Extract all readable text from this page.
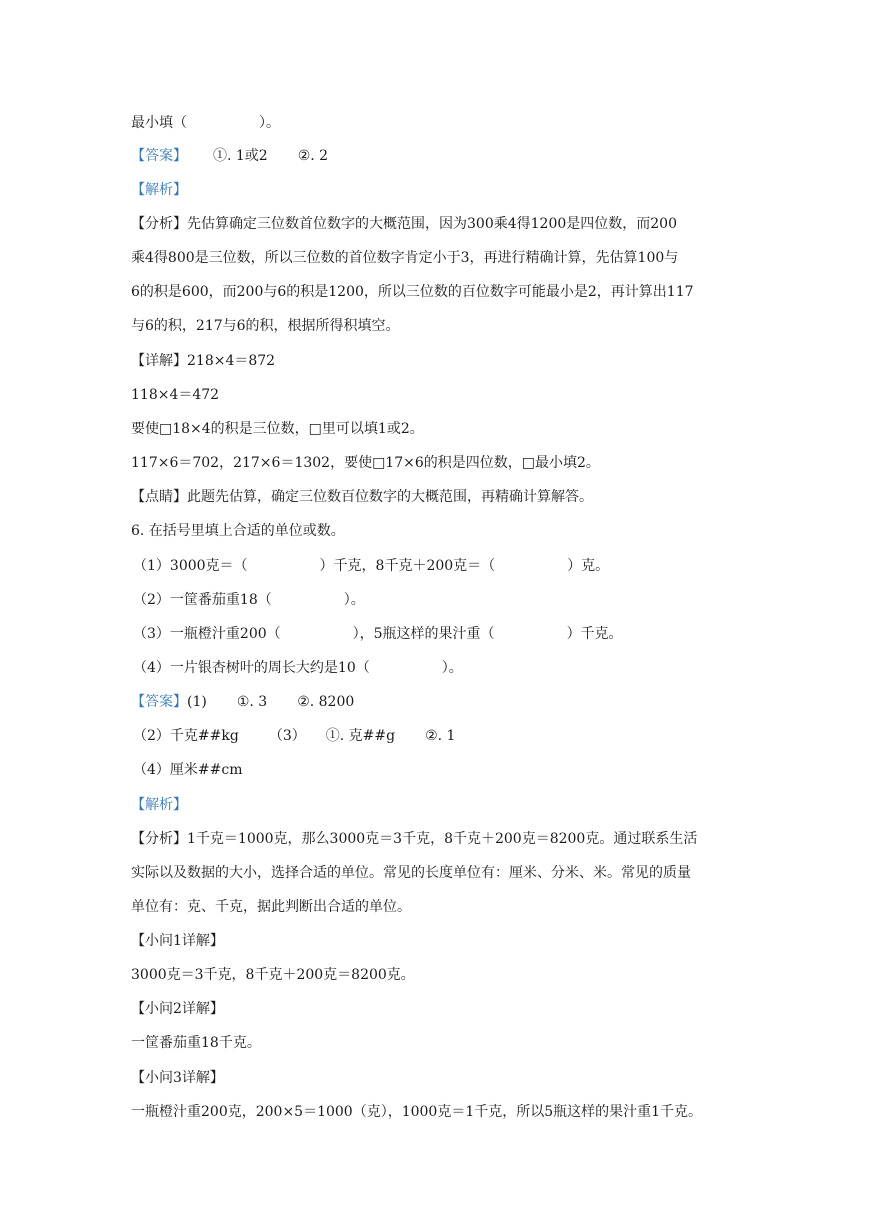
最小填（	）。
【答案】 ①. 1或2 ②. 2
【解析】
【分析】先估算确定三位数首位数字的大概范围，因为300乘4得1200是四位数，而200
乘4得800是三位数，所以三位数的首位数字肯定小于3，再进行精确计算，先估算100与
6的积是600，而200与6的积是1200，所以三位数的百位数字可能最小是2，再计算出117
与6的积，217与6的积，根据所得积填空。
【详解】218×4＝872
118×4＝472
要使□18×4的积是三位数，□里可以填1或2。
117×6＝702，217×6＝1302，要使□17×6的积是四位数，□最小填2。
【点睛】此题先估算，确定三位数百位数字的大概范围，再精确计算解答。
6. 在括号里填上合适的单位或数。
（1）3000克＝（	）千克，8千克＋200克＝（	）克。
（2）一筐番茄重18（	）。
（3）一瓶橙汁重200（	），5瓶这样的果汁重（	）千克。
（4）一片银杏树叶的周长大约是10（	）。
【答案】(1) ①. 3 ②. 8200
（2）千克##kg （3） ①. 克##g ②. 1
（4）厘米##cm
【解析】
【分析】1千克＝1000克，那么3000克＝3千克，8千克＋200克＝8200克。通过联系生活
实际以及数据的大小，选择合适的单位。常见的长度单位有：厘米、分米、米。常见的质量
单位有：克、千克，据此判断出合适的单位。
【小问1详解】
3000克＝3千克，8千克＋200克＝8200克。
【小问2详解】
一筐番茄重18千克。
【小问3详解】
一瓶橙汁重200克，200×5＝1000（克），1000克＝1千克，所以5瓶这样的果汁重1千克。
